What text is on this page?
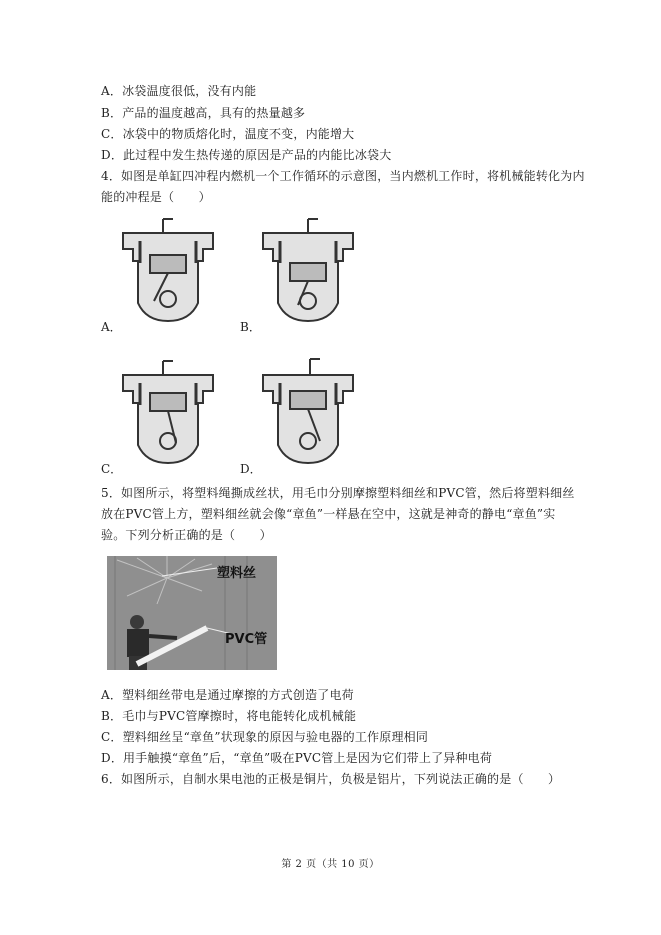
A．冰袋温度很低，没有内能
B．产品的温度越高，具有的热量越多
C．冰袋中的物质熔化时，温度不变，内能增大
D．此过程中发生热传递的原因是产品的内能比冰袋大
4．如图是单缸四冲程内燃机一个工作循环的示意图，当内燃机工作时，将机械能转化为内
能的冲程是（　　）
A．	B．
C．	D．
5．如图所示，将塑料绳撕成丝状，用毛巾分别摩擦塑料细丝和PVC管，然后将塑料细丝
放在PVC管上方，塑料细丝就会像“章鱼”一样悬在空中，这就是神奇的静电“章鱼”实
验。下列分析正确的是（　　）
塑料丝
PVC管
A．塑料细丝带电是通过摩擦的方式创造了电荷
B．毛巾与PVC管摩擦时，将电能转化成机械能
C．塑料细丝呈“章鱼”状现象的原因与验电器的工作原理相同
D．用手触摸“章鱼”后，“章鱼”吸在PVC管上是因为它们带上了异种电荷
6．如图所示，自制水果电池的正极是铜片，负极是铝片，下列说法正确的是（　　）
第 2 页（共 10 页）
